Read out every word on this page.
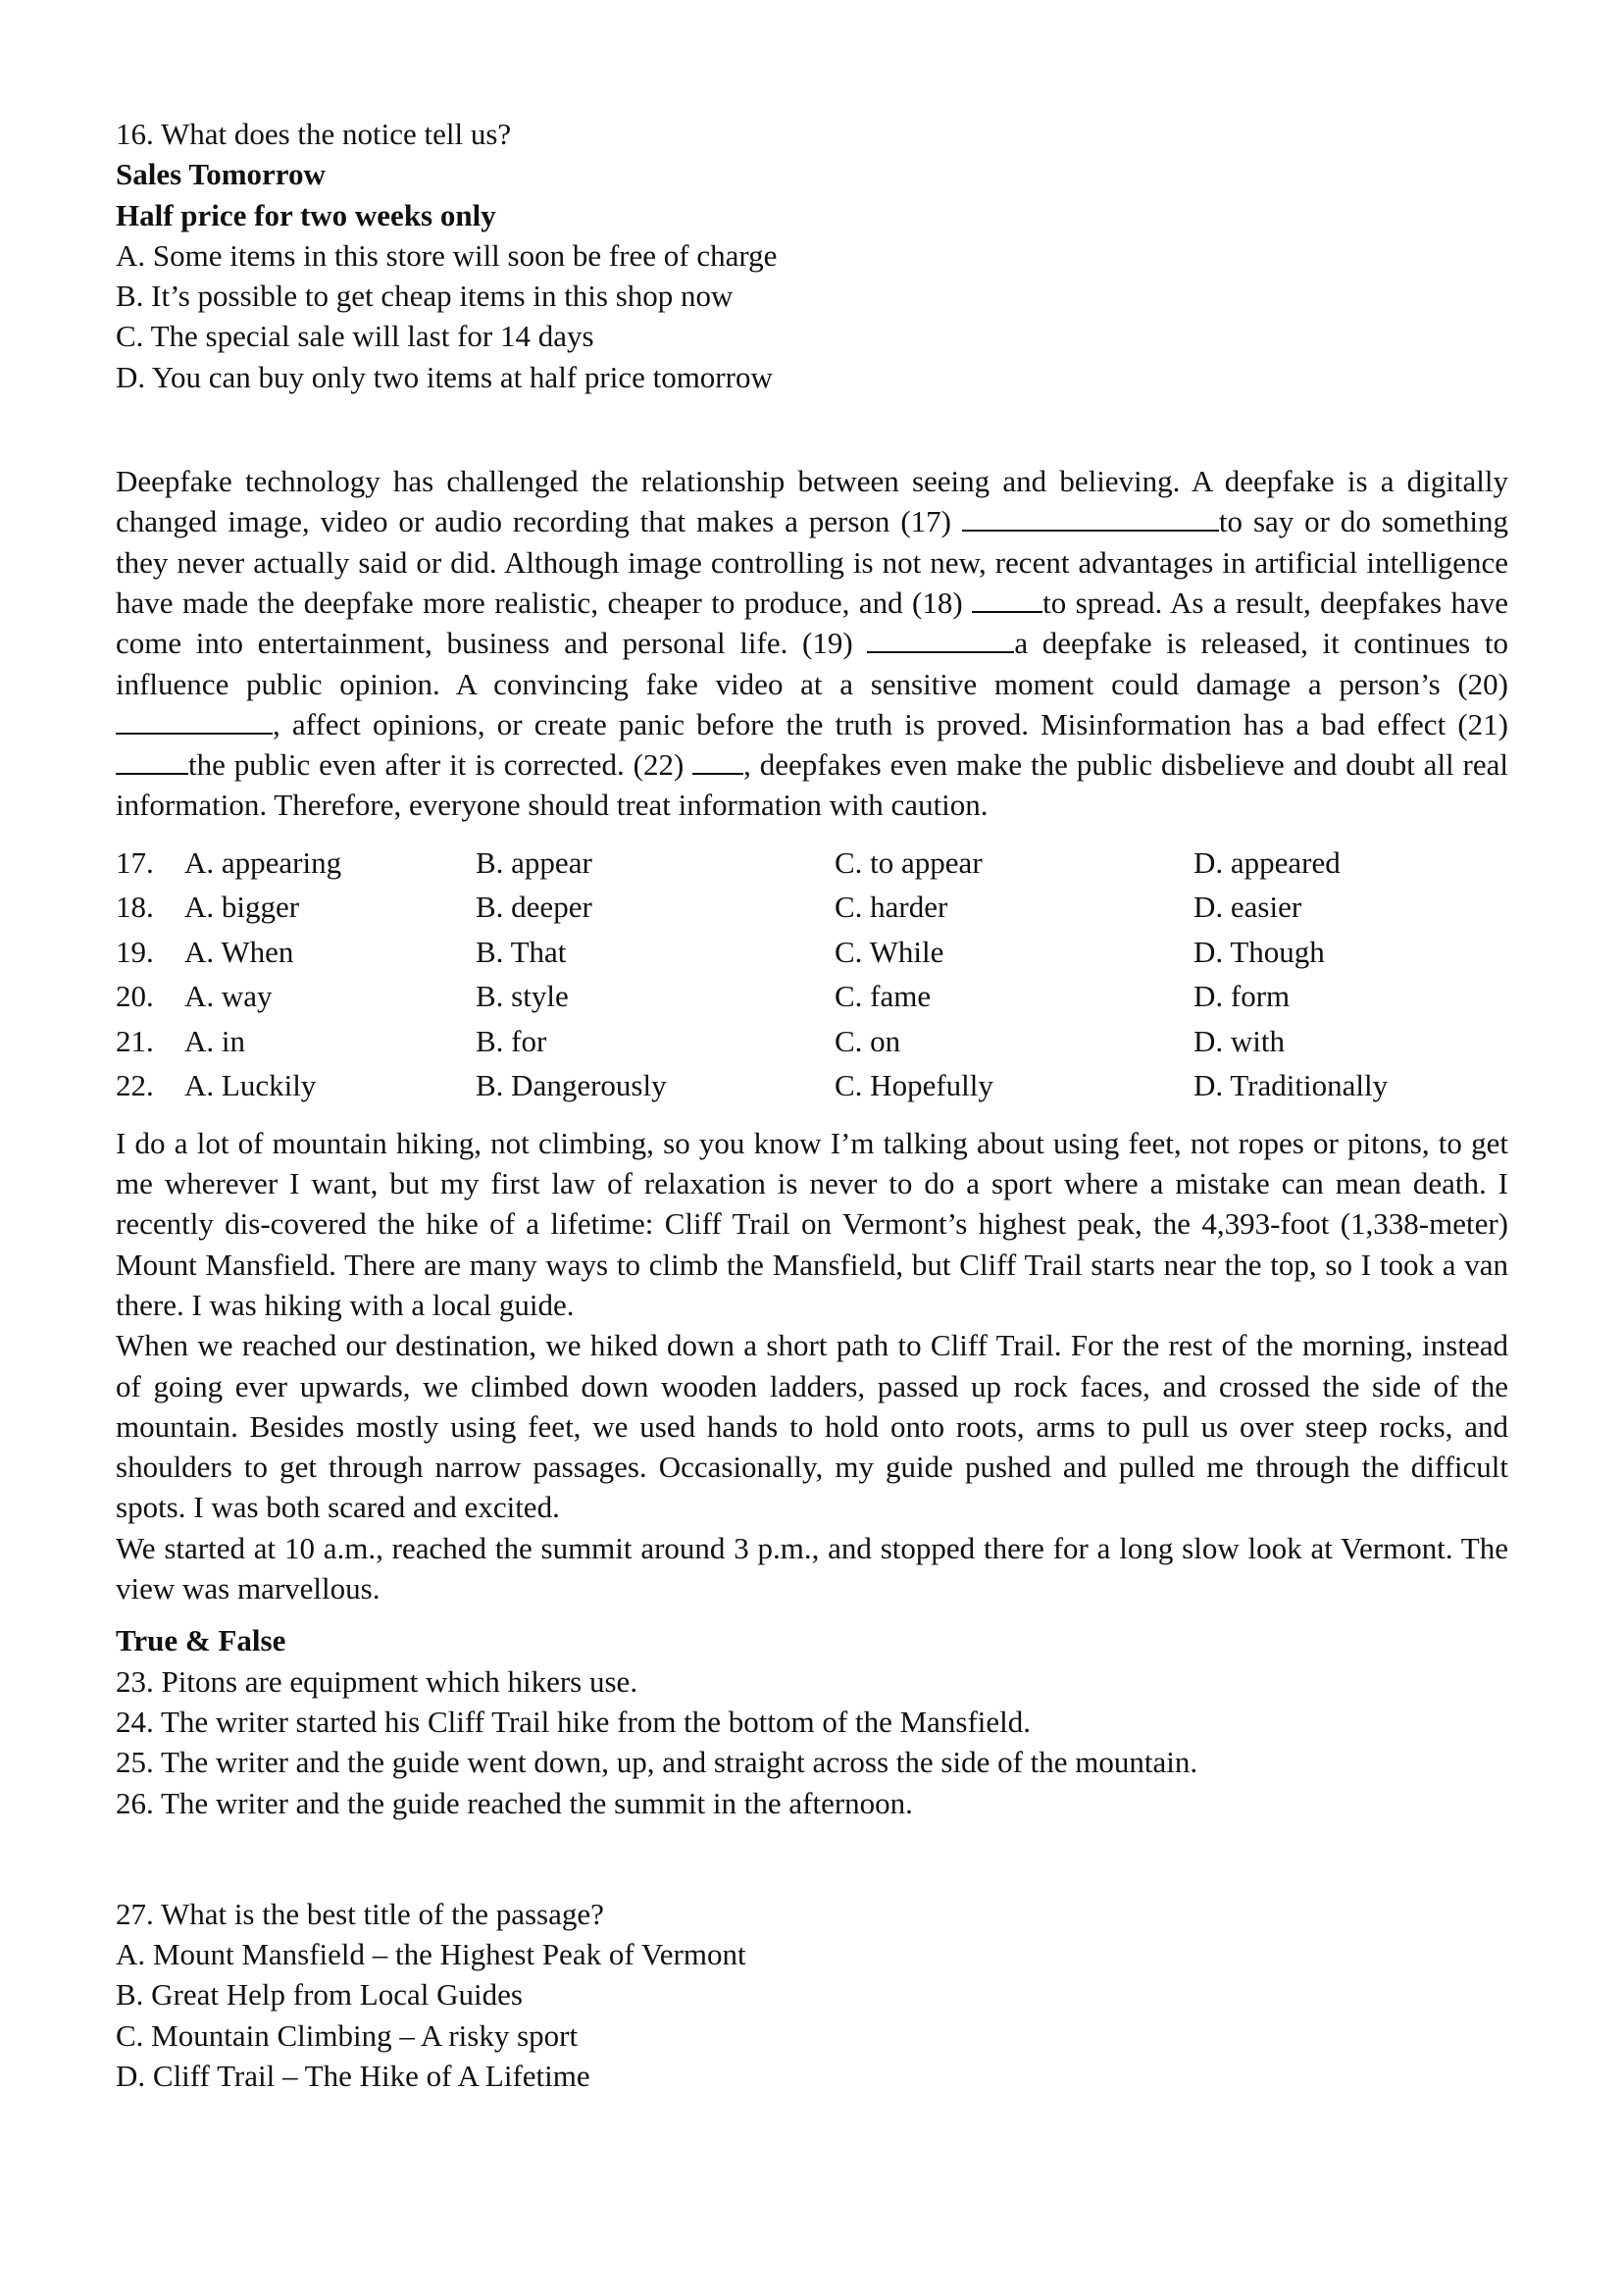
16. What does the notice tell us?
Sales Tomorrow
Half price for two weeks only
A. Some items in this store will soon be free of charge
B. It’s possible to get cheap items in this shop now
C. The special sale will last for 14 days
D. You can buy only two items at half price tomorrow
Deepfake technology has challenged the relationship between seeing and believing. A deepfake is a digitally changed image, video or audio recording that makes a person (17)	to say or do something they never actually said or did. Although image controlling is not new, recent advantages in artificial intelligence have made the deepfake more realistic, cheaper to produce, and (18) to spread. As a result, deepfakes have come into entertainment, business and personal life. (19)	a deepfake is released, it continues to influence public opinion. A convincing fake video at a sensitive moment could damage a person’s (20) , affect opinions, or create panic before the truth is proved. Misinformation has a bad effect (21) the public even after it is corrected. (22) , deepfakes even make the public disbelieve and doubt all real information. Therefore, everyone should treat information with caution.
17.	A. appearing	B. appear	C. to appear	D. appeared
18.	A. bigger	B. deeper	C. harder	D. easier
19.	A. When	B. That	C. While	D. Though
20.	A. way	B. style	C. fame	D. form
21.	A. in	B. for	C. on	D. with
22.	A. Luckily	B. Dangerously	C. Hopefully	D. Traditionally

I do a lot of mountain hiking, not climbing, so you know I’m talking about using feet, not ropes or pitons, to get me wherever I want, but my first law of relaxation is never to do a sport where a mistake can mean death. I recently dis-covered the hike of a lifetime: Cliff Trail on Vermont’s highest peak, the 4,393-foot (1,338-meter) Mount Mansfield. There are many ways to climb the Mansfield, but Cliff Trail starts near the top, so I took a van there. I was hiking with a local guide.

When we reached our destination, we hiked down a short path to Cliff Trail. For the rest of the morning, instead of going ever upwards, we climbed down wooden ladders, passed up rock faces, and crossed the side of the mountain. Besides mostly using feet, we used hands to hold onto roots, arms to pull us over steep rocks, and shoulders to get through narrow passages. Occasionally, my guide pushed and pulled me through the difficult spots. I was both scared and excited.

We started at 10 a.m., reached the summit around 3 p.m., and stopped there for a long slow look at Vermont. The view was marvellous.

True & False
23. Pitons are equipment which hikers use.
24. The writer started his Cliff Trail hike from the bottom of the Mansfield.
25. The writer and the guide went down, up, and straight across the side of the mountain.
26. The writer and the guide reached the summit in the afternoon.
27. What is the best title of the passage?
A. Mount Mansfield – the Highest Peak of Vermont
B. Great Help from Local Guides
C. Mountain Climbing – A risky sport
D. Cliff Trail – The Hike of A Lifetime
